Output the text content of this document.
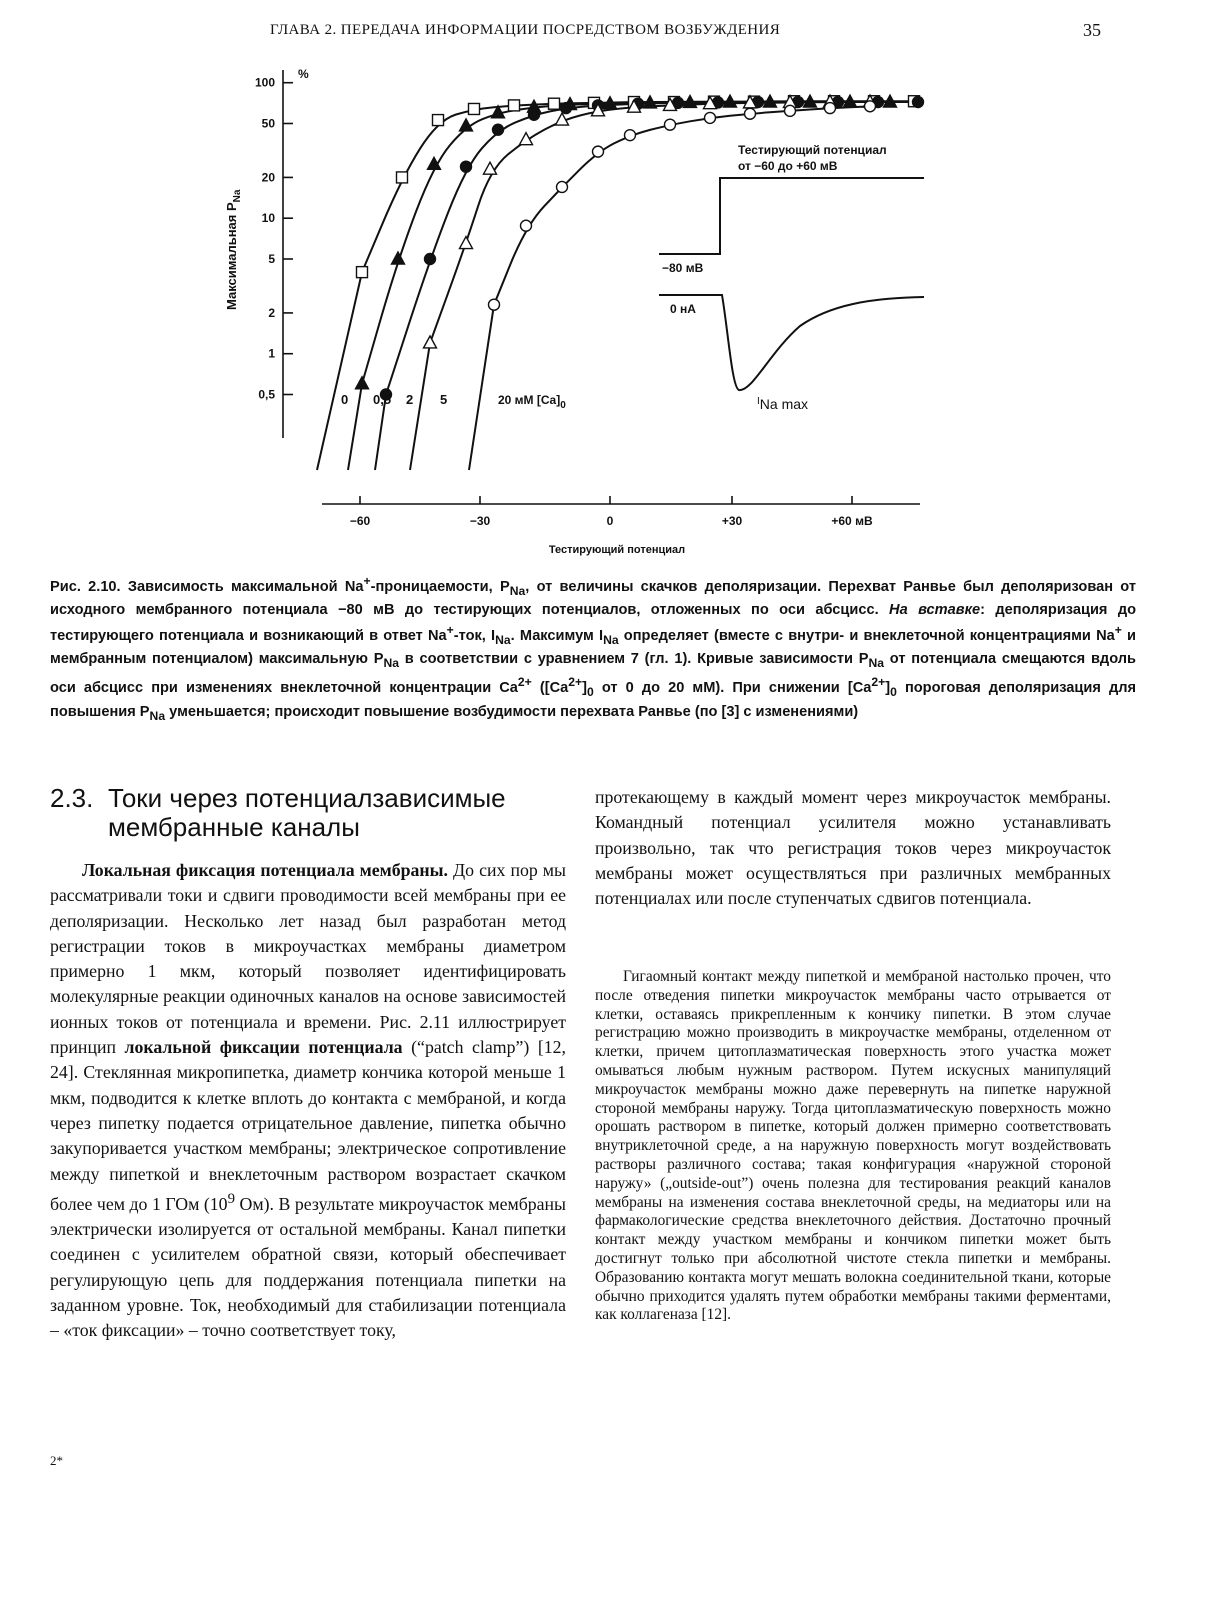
ГЛАВА 2. ПЕРЕДАЧА ИНФОРМАЦИИ ПОСРЕДСТВОМ ВОЗБУЖДЕНИЯ	35
100
50
20
10
5
2
1
0,5
%
Максимальная $P_{Na}$
−60	−30	0	+30	+60 мВ
Тестирующий потенциал
0 0,5 2 5	20 мМ $[Ca]_0$
Тестирующий потенциал
от −60 до +60 мВ
−80 мВ
0 нА
$^I$Na max
Рис. 2.10. Зависимость максимальной Na+-проницаемости, $P_{Na}$, от величины скачков деполяризации. Перехват Ранвье был деполяризован от исходного мембранного потенциала −80 мВ до тестирующих потенциалов, отложенных по оси абсцисс. На вставке: деполяризация до тестирующего потенциала и возникающий в ответ Na+-ток, $I_{Na}$. Максимум $I_{Na}$ определяет (вместе с внутри- и внеклеточной концентрациями Na+ и мембранным потенциалом) максимальную $P_{Na}$ в соответствии с уравнением 7 (гл. 1). Кривые зависимости $P_{Na}$ от потенциала смещаются вдоль оси абсцисс при изменениях внеклеточной концентрации $Ca^{2+}$ ($[Ca^{2+}]_0$ от 0 до 20 мМ). При снижении $[Ca^{2+}]_0$ пороговая деполяризация для повышения $P_{Na}$ уменьшается; происходит повышение возбудимости перехвата Ранвье (по [3] с изменениями)
2.3. Токи через потенциалзависимые
мембранные каналы

Локальная фиксация потенциала мембраны. До сих пор мы рассматривали токи и сдвиги проводимости всей мембраны при ее деполяризации. Несколько лет назад был разработан метод регистрации токов в микроучастках мембраны диаметром примерно 1 мкм, который позволяет идентифицировать молекулярные реакции одиночных каналов на основе зависимостей ионных токов от потенциала и времени. Рис. 2.11 иллюстрирует принцип локальной фиксации потенциала (“patch clamp”) [12, 24]. Стеклянная микропипетка, диаметр кончика которой меньше 1 мкм, подводится к клетке вплоть до контакта с мембраной, и когда через пипетку подается отрицательное давление, пипетка обычно закупоривается участком мембраны; электрическое сопротивление между пипеткой и внеклеточным раствором возрастает скачком более чем до 1 ГОм ($10^9$ Ом). В результате микроучасток мембраны электрически изолируется от остальной мембраны. Канал пипетки соединен с усилителем обратной связи, который обеспечивает регулирующую цепь для поддержания потенциала пипетки на заданном уровне. Ток, необходимый для стабилизации потенциала – «ток фиксации» – точно соответствует току,

протекающему в каждый момент через микроучасток мембраны. Командный потенциал усилителя можно устанавливать произвольно, так что регистрация токов через микроучасток мембраны может осуществляться при различных мембранных потенциалах или после ступенчатых сдвигов потенциала.

Гигаомный контакт между пипеткой и мембраной настолько прочен, что после отведения пипетки микроучасток мембраны часто отрывается от клетки, оставаясь прикрепленным к кончику пипетки. В этом случае регистрацию можно производить в микроучастке мембраны, отделенном от клетки, причем цитоплазматическая поверхность этого участка может омываться любым нужным раствором. Путем искусных манипуляций микроучасток мембраны можно даже перевернуть на пипетке наружной стороной мембраны наружу. Тогда цитоплазматическую поверхность можно орошать раствором в пипетке, который должен примерно соответствовать внутриклеточной среде, а на наружную поверхность могут воздействовать растворы различного состава; такая конфигурация «наружной стороной наружу» („outside-out”) очень полезна для тестирования реакций каналов мембраны на изменения состава внеклеточной среды, на медиаторы или на фармакологические средства внеклеточного действия. Достаточно прочный контакт между участком мембраны и кончиком пипетки может быть достигнут только при абсолютной чистоте стекла пипетки и мембраны. Образованию контакта могут мешать волокна соединительной ткани, которые обычно приходится удалять путем обработки мембраны такими ферментами, как коллагеназа [12].

2*
